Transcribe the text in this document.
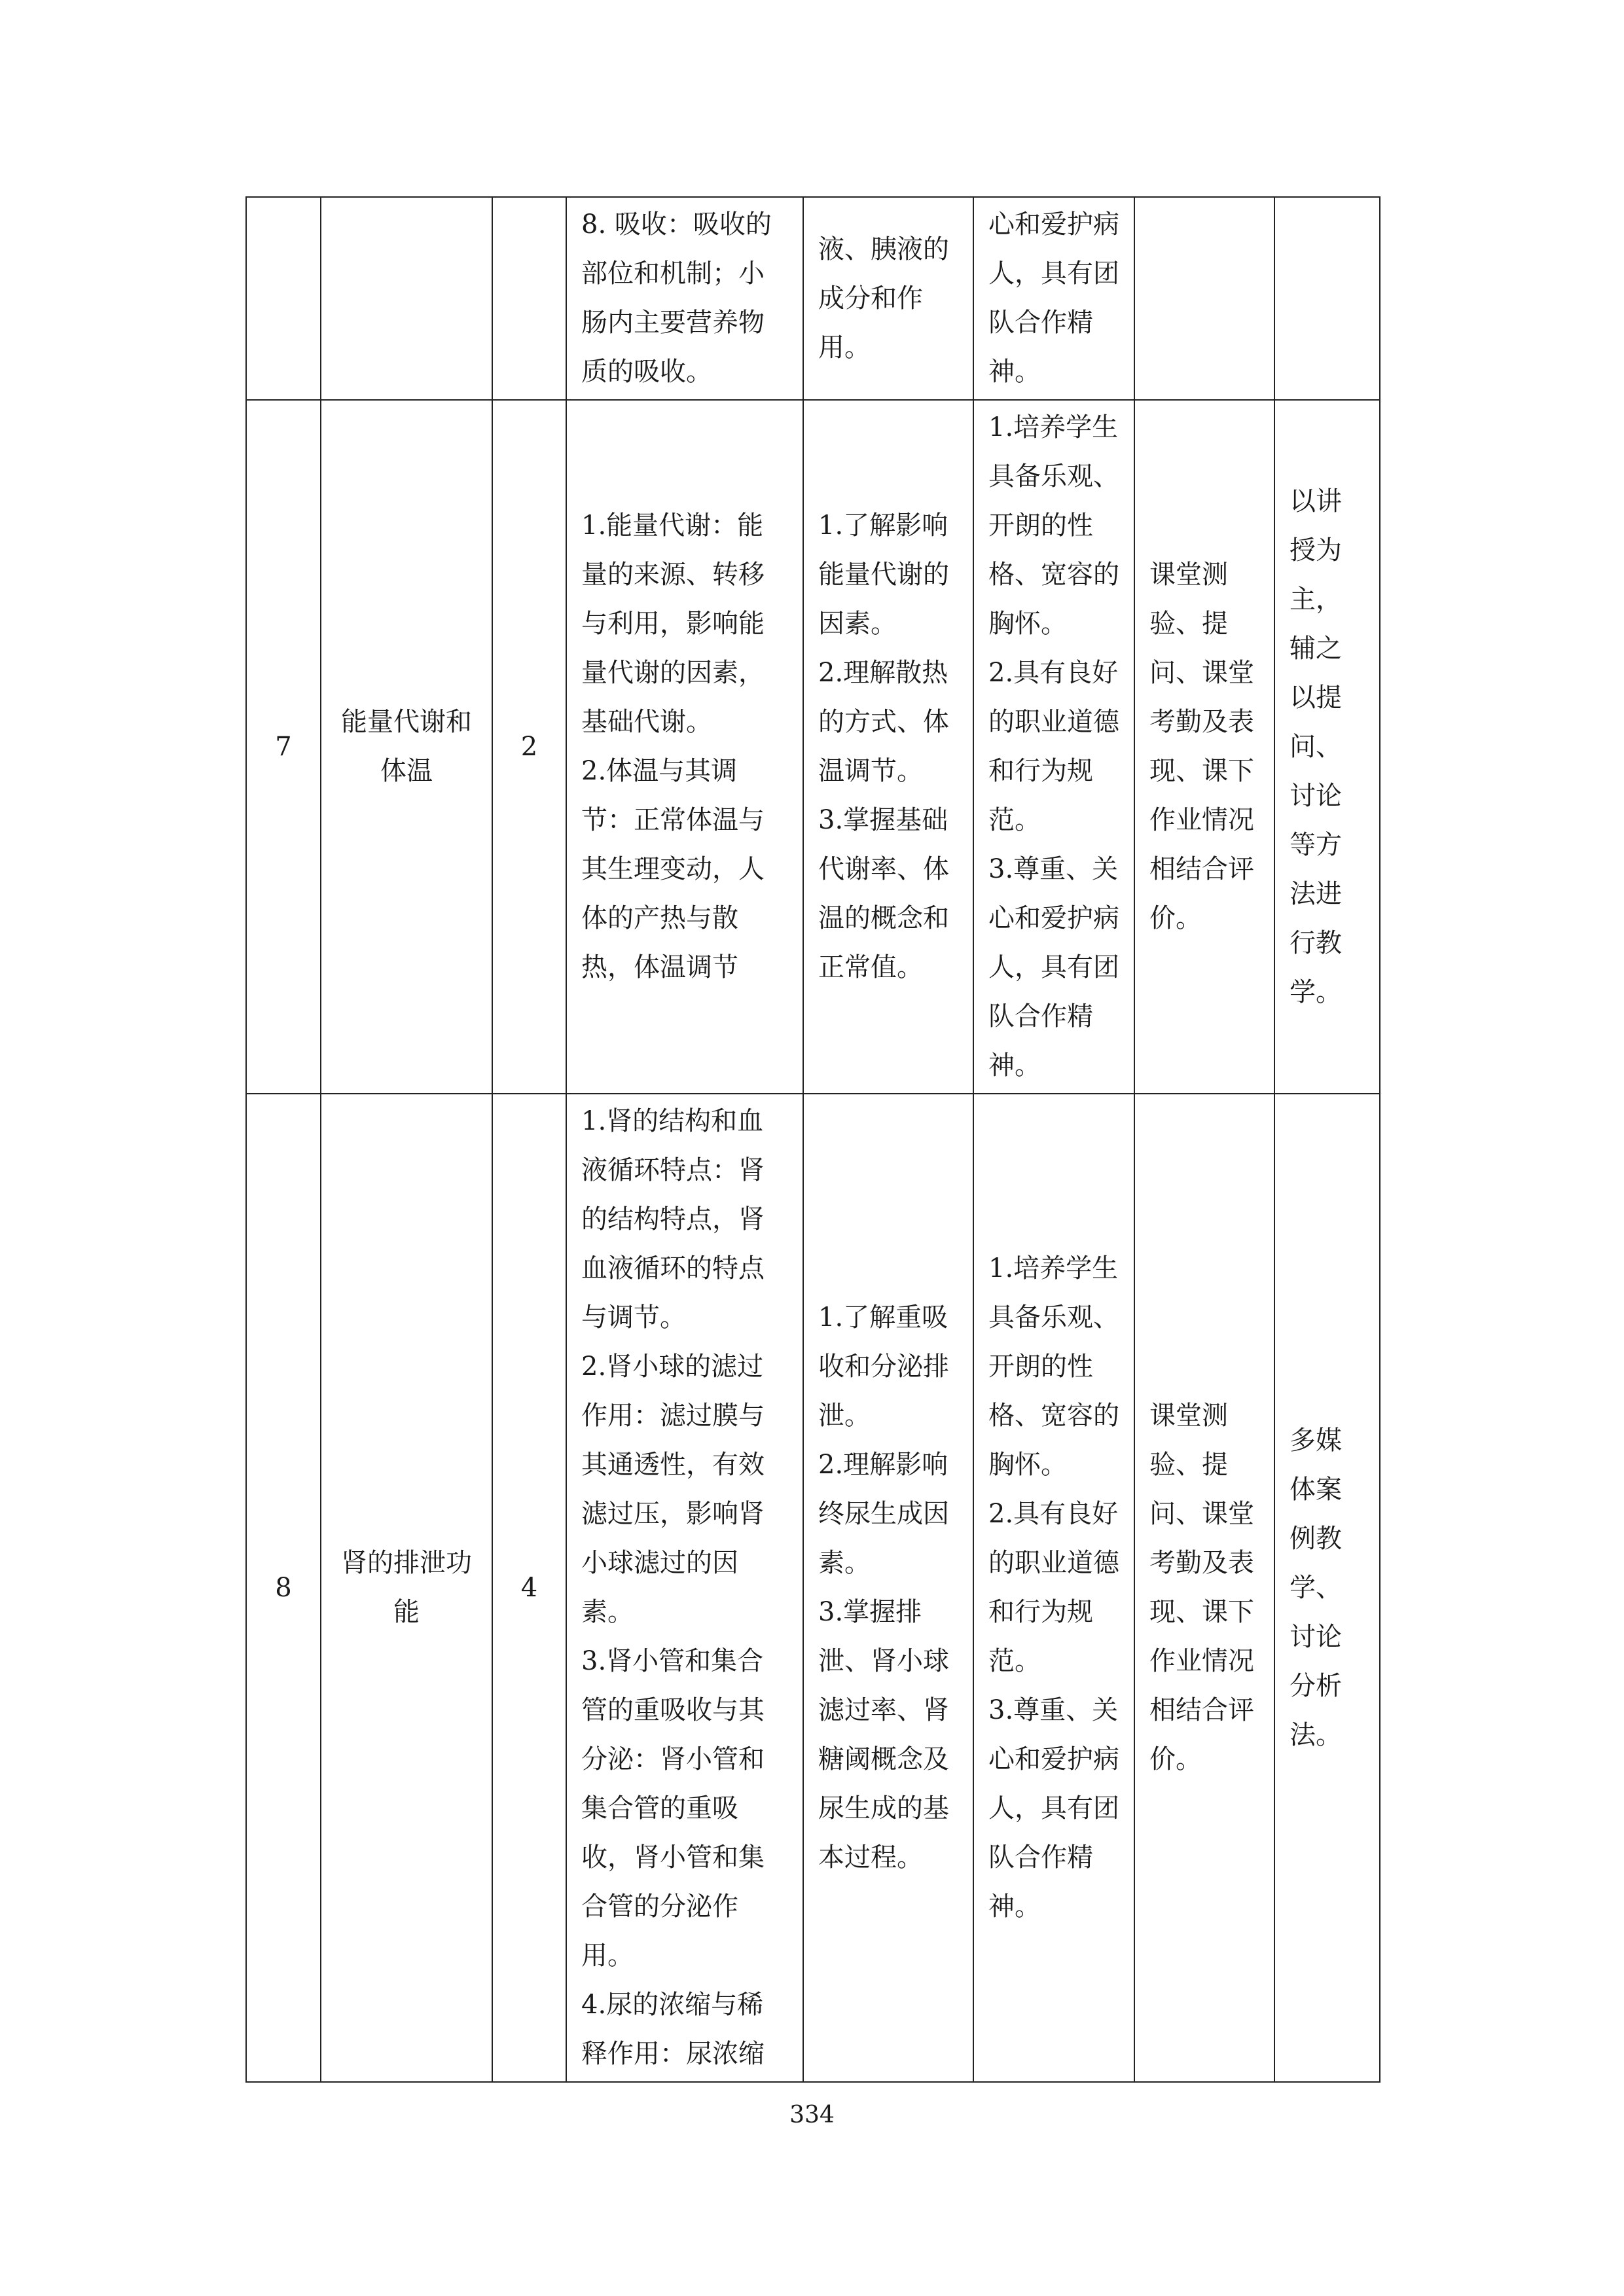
			8. 吸收：吸收的部位和机制；小肠内主要营养物质的吸收。	液、胰液的成分和作用。	心和爱护病人，具有团队合作精神。		

7	能量代谢和体温	2	1.能量代谢：能量的来源、转移与利用，影响能量代谢的因素，基础代谢。
2.体温与其调节：正常体温与其生理变动，人体的产热与散热，体温调节	1.了解影响能量代谢的因素。
2.理解散热的方式、体温调节。
3.掌握基础代谢率、体温的概念和正常值。	1.培养学生具备乐观、开朗的性格、宽容的胸怀。
2.具有良好的职业道德和行为规范。
3.尊重、关心和爱护病人，具有团队合作精神。	课堂测验、提问、课堂考勤及表现、课下作业情况相结合评价。	以讲授为主，辅之以提问、讨论等方法进行教学。

8	肾的排泄功能	4	1.肾的结构和血液循环特点：肾的结构特点，肾血液循环的特点与调节。
2.肾小球的滤过作用：滤过膜与其通透性，有效滤过压，影响肾小球滤过的因素。
3.肾小管和集合管的重吸收与其分泌：肾小管和集合管的重吸收，肾小管和集合管的分泌作用。
4.尿的浓缩与稀释作用：尿浓缩	1.了解重吸收和分泌排泄。
2.理解影响终尿生成因素。
3.掌握排泄、肾小球滤过率、肾糖阈概念及尿生成的基本过程。	1.培养学生具备乐观、开朗的性格、宽容的胸怀。
2.具有良好的职业道德和行为规范。
3.尊重、关心和爱护病人，具有团队合作精神。	课堂测验、提问、课堂考勤及表现、课下作业情况相结合评价。	多媒体案例教学、讨论分析法。
334
